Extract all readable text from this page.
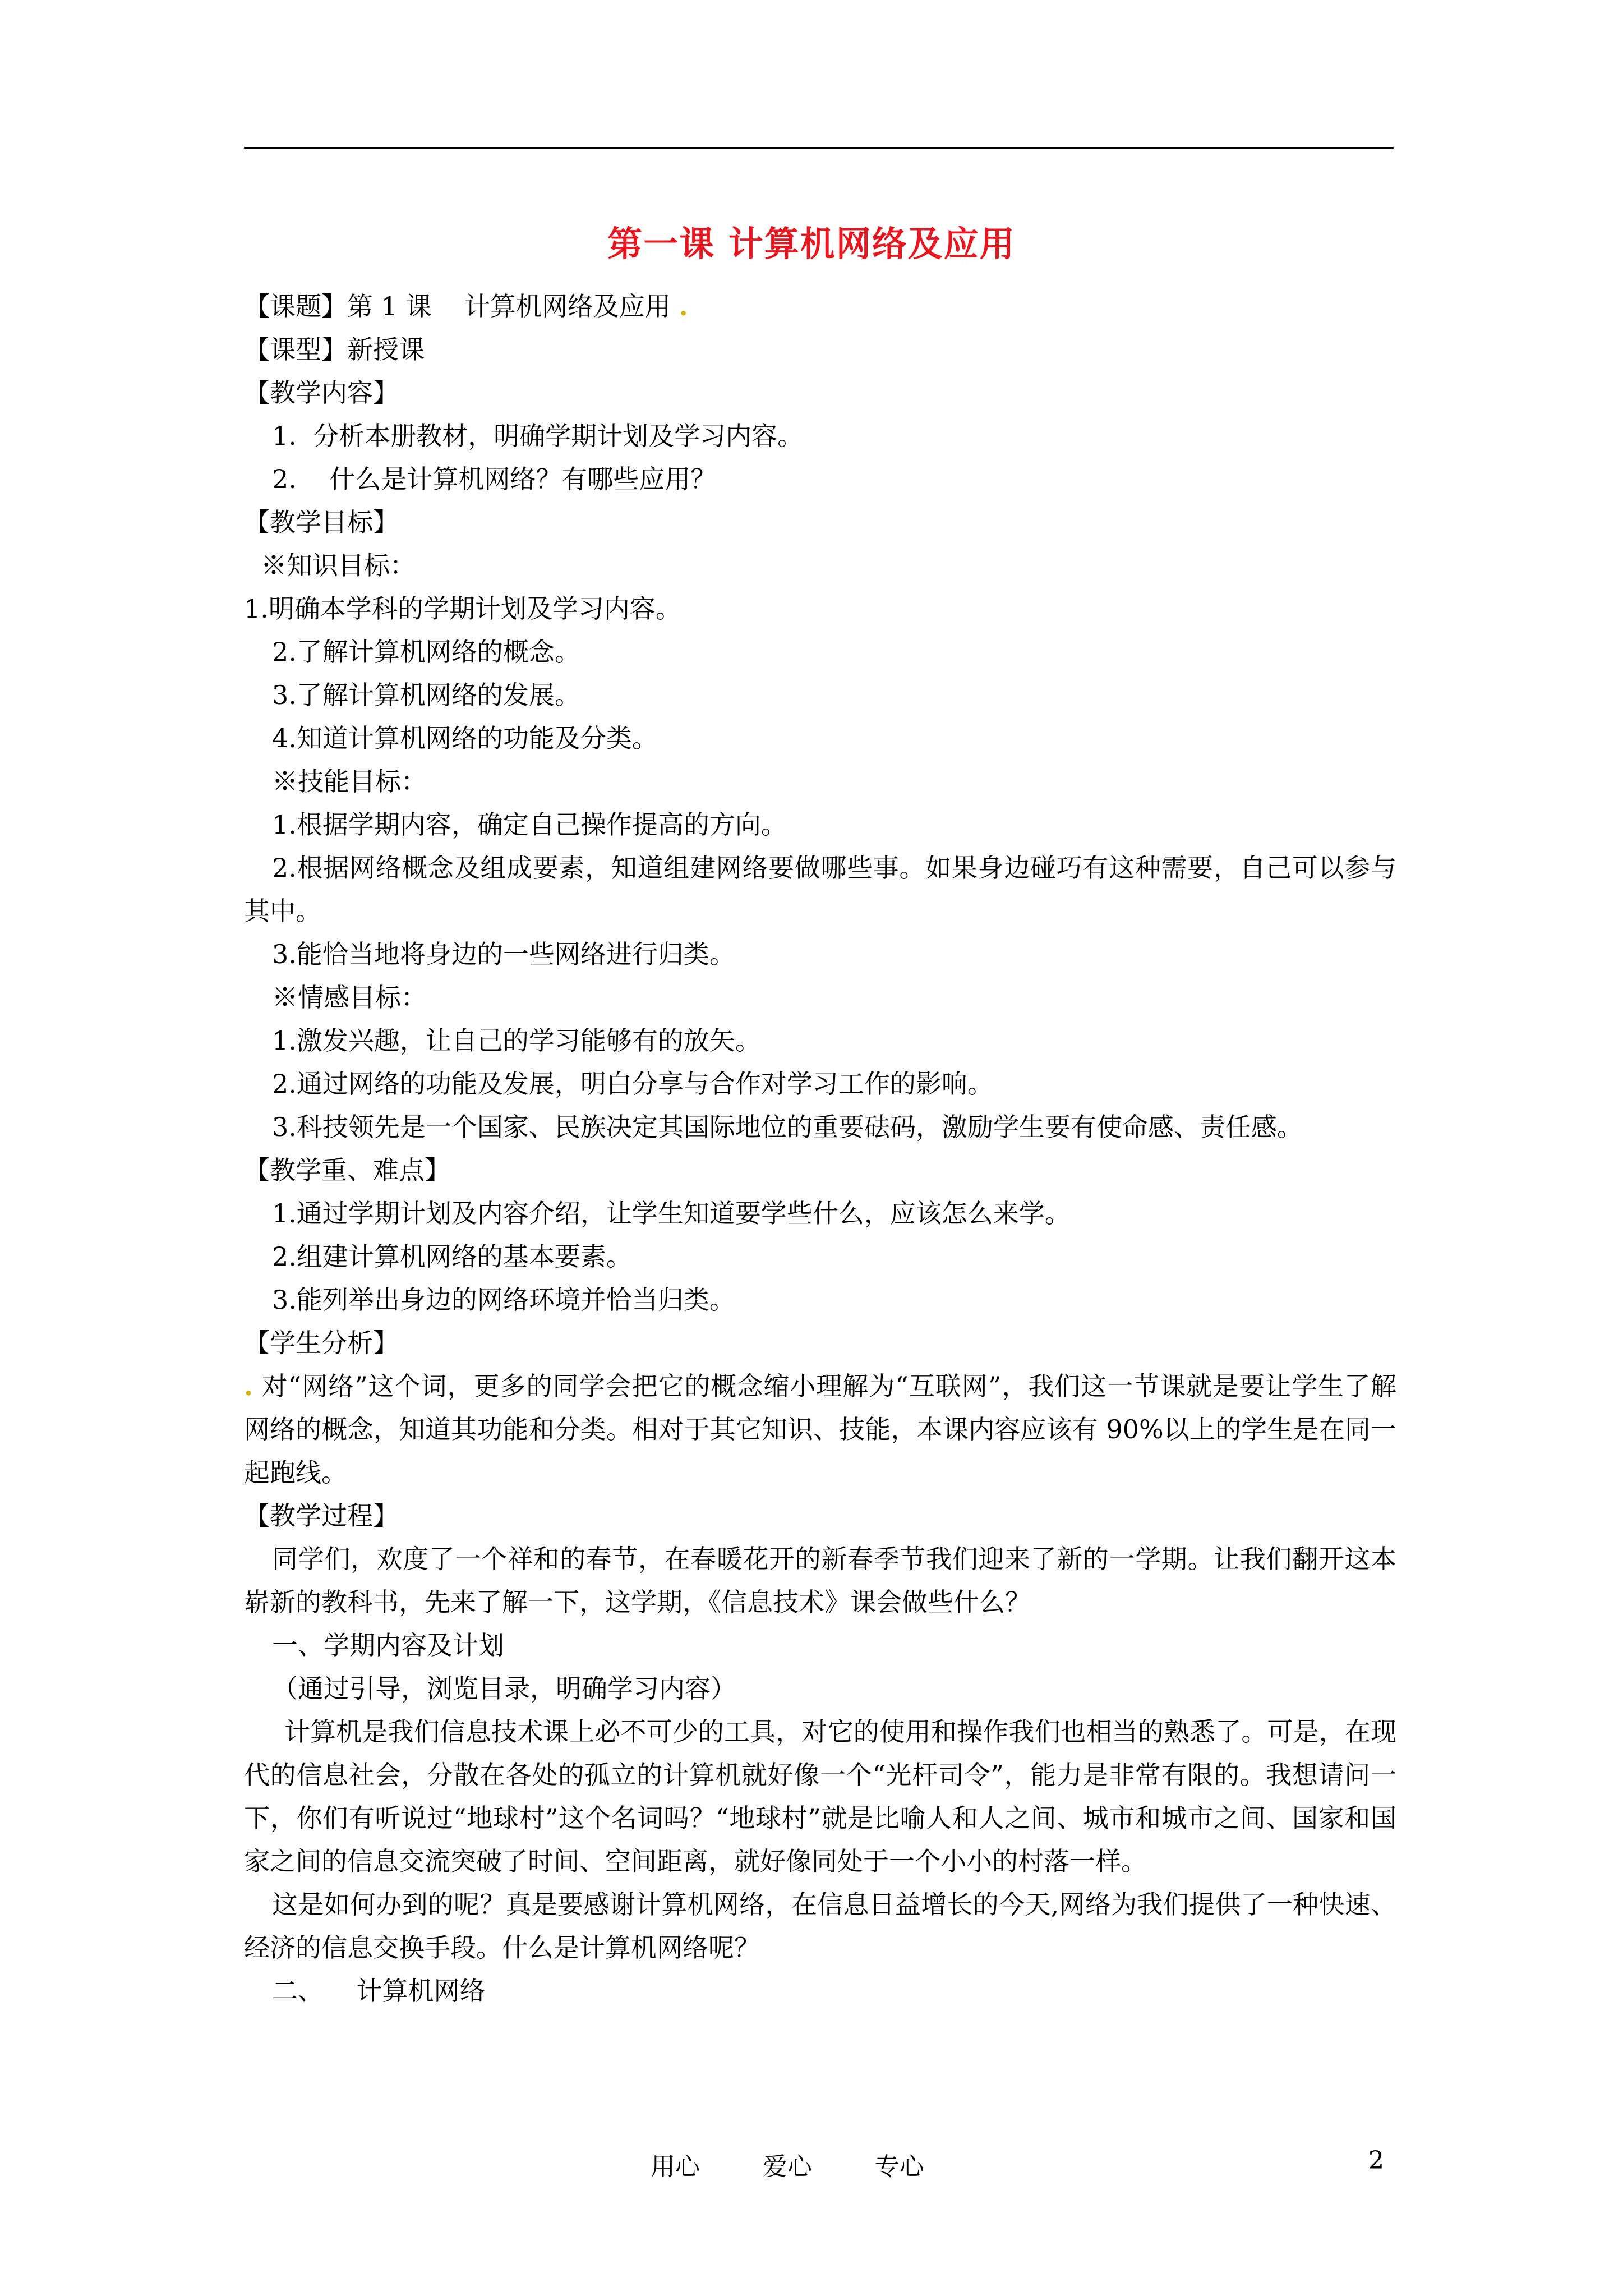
第一课 计算机网络及应用

【课题】第 1 课    计算机网络及应用 .

【课型】新授课

【教学内容】

1.  分析本册教材，明确学期计划及学习内容。

2.    什么是计算机网络？有哪些应用？

【教学目标】

※知识目标：

1.明确本学科的学期计划及学习内容。

2.了解计算机网络的概念。

3.了解计算机网络的发展。

4.知道计算机网络的功能及分类。

※技能目标：

1.根据学期内容，确定自己操作提高的方向。

2.根据网络概念及组成要素，知道组建网络要做哪些事。如果身边碰巧有这种需要，自己可以参与其中。

3.能恰当地将身边的一些网络进行归类。

※情感目标：

1.激发兴趣，让自己的学习能够有的放矢。

2.通过网络的功能及发展，明白分享与合作对学习工作的影响。

3.科技领先是一个国家、民族决定其国际地位的重要砝码，激励学生要有使命感、责任感。

【教学重、难点】

1.通过学期计划及内容介绍，让学生知道要学些什么，应该怎么来学。

2.组建计算机网络的基本要素。

3.能列举出身边的网络环境并恰当归类。

【学生分析】

. 对“网络”这个词，更多的同学会把它的概念缩小理解为“互联网”，我们这一节课就是要让学生了解网络的概念，知道其功能和分类。相对于其它知识、技能，本课内容应该有 90%以上的学生是在同一起跑线。

【教学过程】

同学们，欢度了一个祥和的春节，在春暖花开的新春季节我们迎来了新的一学期。让我们翻开这本崭新的教科书，先来了解一下，这学期，《信息技术》课会做些什么？

一、学期内容及计划

（通过引导，浏览目录，明确学习内容）

计算机是我们信息技术课上必不可少的工具，对它的使用和操作我们也相当的熟悉了。可是，在现代的信息社会，分散在各处的孤立的计算机就好像一个“光杆司令”，能力是非常有限的。我想请问一下，你们有听说过“地球村”这个名词吗？“地球村”就是比喻人和人之间、城市和城市之间、国家和国家之间的信息交流突破了时间、空间距离，就好像同处于一个小小的村落一样。

这是如何办到的呢？真是要感谢计算机网络，在信息日益增长的今天,网络为我们提供了一种快速、经济的信息交换手段。什么是计算机网络呢？

二、    计算机网络

用心        爱心        专心	2
